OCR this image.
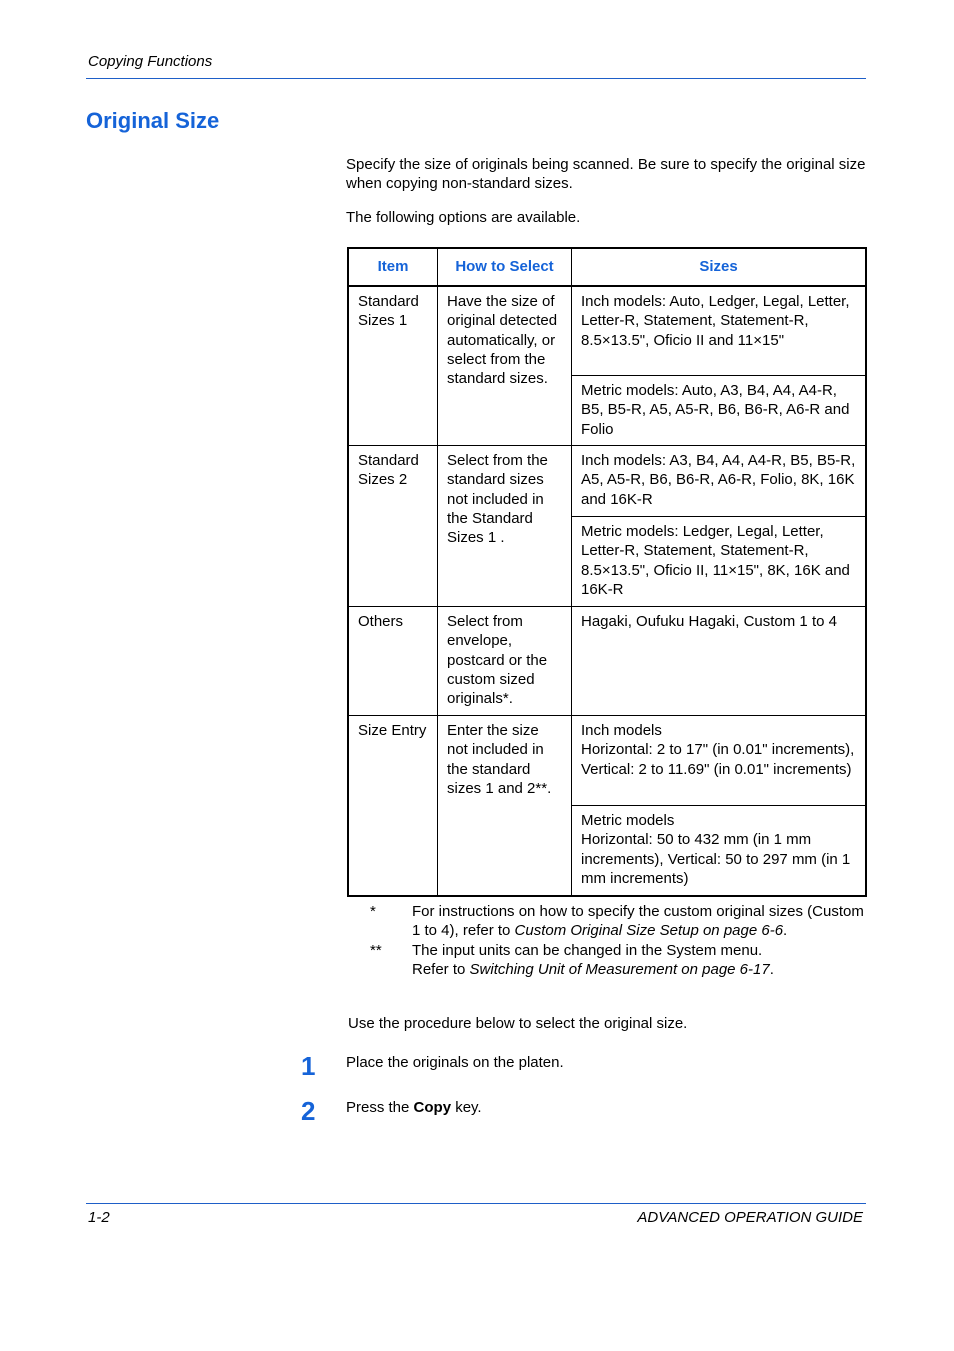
Copying Functions
Original Size
Specify the size of originals being scanned. Be sure to specify the original size when copying non-standard sizes.
The following options are available.
Item	How to Select	Sizes
Standard Sizes 1	Have the size of original detected automatically, or select from the standard sizes.	Inch models: Auto, Ledger, Legal, Letter, Letter-R, Statement, Statement-R, 8.5×13.5", Oficio II and 11×15"
		Metric models: Auto, A3, B4, A4, A4-R, B5, B5-R, A5, A5-R, B6, B6-R, A6-R and Folio
Standard Sizes 2	Select from the standard sizes not included in the Standard Sizes 1 .	Inch models: A3, B4, A4, A4-R, B5, B5-R, A5, A5-R, B6, B6-R, A6-R, Folio, 8K, 16K and 16K-R
		Metric models: Ledger, Legal, Letter, Letter-R, Statement, Statement-R, 8.5×13.5", Oficio II, 11×15", 8K, 16K and 16K-R
Others	Select from envelope, postcard or the custom sized originals*.	Hagaki, Oufuku Hagaki, Custom 1 to 4
Size Entry	Enter the size not included in the standard sizes 1 and 2**.	Inch models
Horizontal: 2 to 17" (in 0.01" increments), Vertical: 2 to 11.69" (in 0.01" increments)

		Metric models
Horizontal: 50 to 432 mm (in 1 mm increments), Vertical: 50 to 297 mm (in 1 mm increments)
*	For instructions on how to specify the custom original sizes (Custom 1 to 4), refer to Custom Original Size Setup on page 6-6.
**	The input units can be changed in the System menu.
Refer to Switching Unit of Measurement on page 6-17.
Use the procedure below to select the original size.
1 Place the originals on the platen.
2 Press the Copy key.
1-2	ADVANCED OPERATION GUIDE
